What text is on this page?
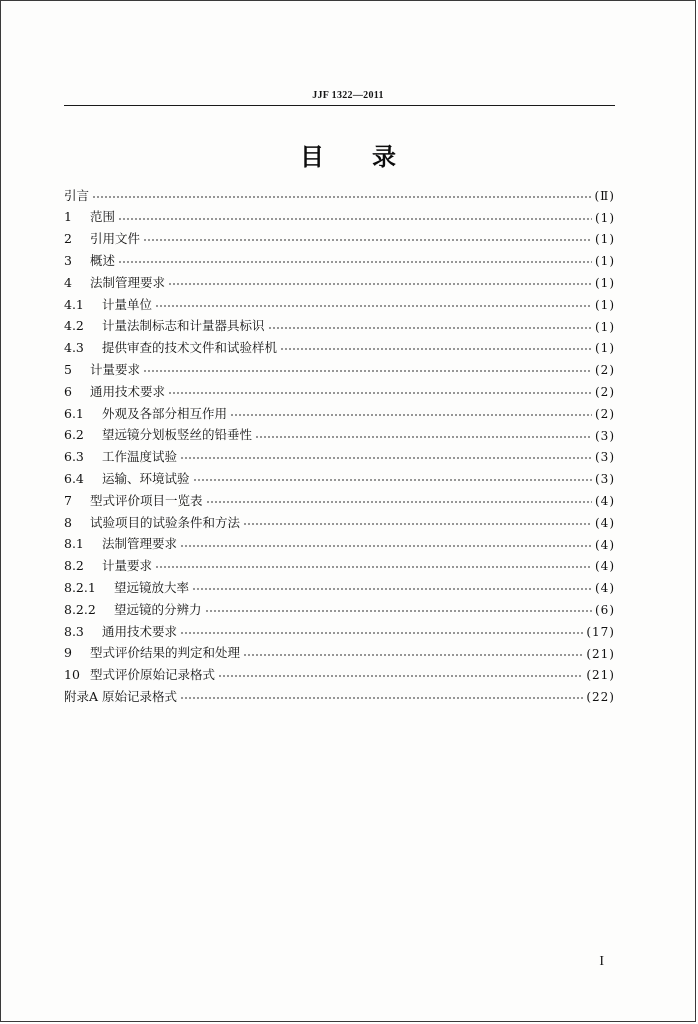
JJF 1322—2011
目 录
引言	(Ⅱ)
1 范围	(1)
2 引用文件	(1)
3 概述	(1)
4 法制管理要求	(1)
4.1 计量单位	(1)
4.2 计量法制标志和计量器具标识	(1)
4.3 提供审查的技术文件和试验样机	(1)
5 计量要求	(2)
6 通用技术要求	(2)
6.1 外观及各部分相互作用	(2)
6.2 望远镜分划板竖丝的铅垂性	(3)
6.3 工作温度试验	(3)
6.4 运输、环境试验	(3)
7 型式评价项目一览表	(4)
8 试验项目的试验条件和方法	(4)
8.1 法制管理要求	(4)
8.2 计量要求	(4)
8.2.1 望远镜放大率	(4)
8.2.2 望远镜的分辨力	(6)
8.3 通用技术要求	(17)
9 型式评价结果的判定和处理	(21)
10 型式评价原始记录格式	(21)
附录A 原始记录格式	(22)
I
